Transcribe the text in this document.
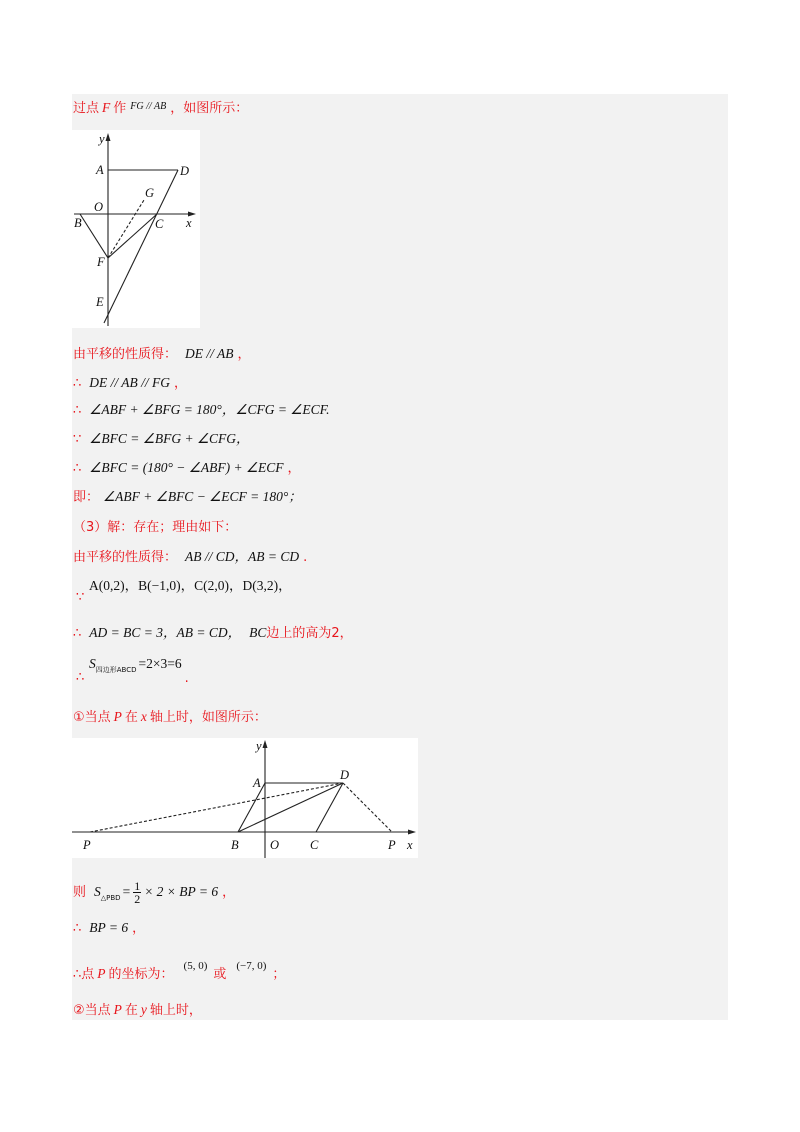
过点 F 作 $^{FG // AB}$ ，如图所示：
y
A	D
G
O
B	C x
F
E
由平移的性质得： DE // AB ，
∴ DE // AB // FG ，
∴ ∠ABF + ∠BFG = 180°，∠CFG = ∠ECF.
∵ ∠BFC = ∠BFG + ∠CFG，
∴ ∠BFC = (180° − ∠ABF) + ∠ECF ，
即： ∠ABF + ∠BFC − ∠ECF = 180°；
（3）解：存在；理由如下：
由平移的性质得： AB // CD，AB = CD .
A(0,2)，B(−1,0)，C(2,0)，D(3,2)，
∵
∴ AD = BC = 3，AB = CD， BC边上的高为2，
$S_{四边形ABCD} =2\times 3=6$.
∴
①当点 P 在 x 轴上时，如图所示：
y
A
D
P	B	O C	P x
则 $S_{\triangle PBD} = \frac{1}{2} \times 2$ × BP = 6 ，
∴ BP = 6 ，
∴点 P 的坐标为：$^{(5, 0)}$或$^{(-7, 0)}$；
②当点 P 在 y 轴上时，
